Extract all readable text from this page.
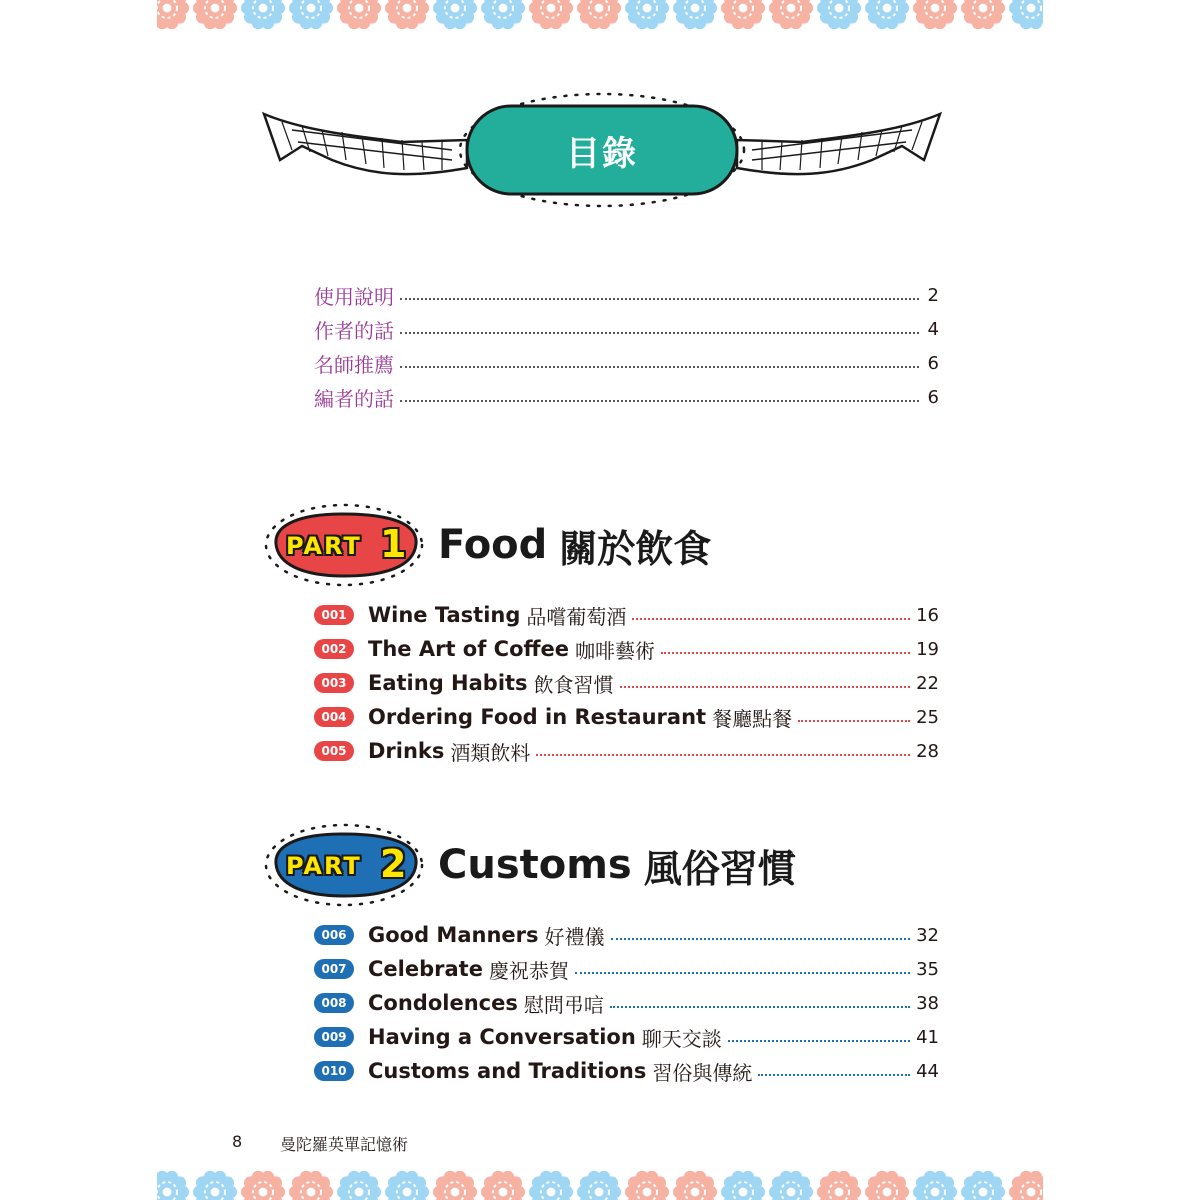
目錄
使用說明	2
作者的話	4
名師推薦	6
編者的話	6
PART 1 Food 關於飲食
001	Wine Tasting 品嚐葡萄酒	16
002	The Art of Coffee 咖啡藝術	19
003	Eating Habits 飲食習慣	22
004	Ordering Food in Restaurant 餐廳點餐	25
005	Drinks 酒類飲料	28
PART 2 Customs 風俗習慣
006	Good Manners 好禮儀	32
007	Celebrate 慶祝恭賀	35
008	Condolences 慰問弔唁	38
009	Having a Conversation 聊天交談	41
010	Customs and Traditions 習俗與傳統	44
8 曼陀羅英單記憶術
